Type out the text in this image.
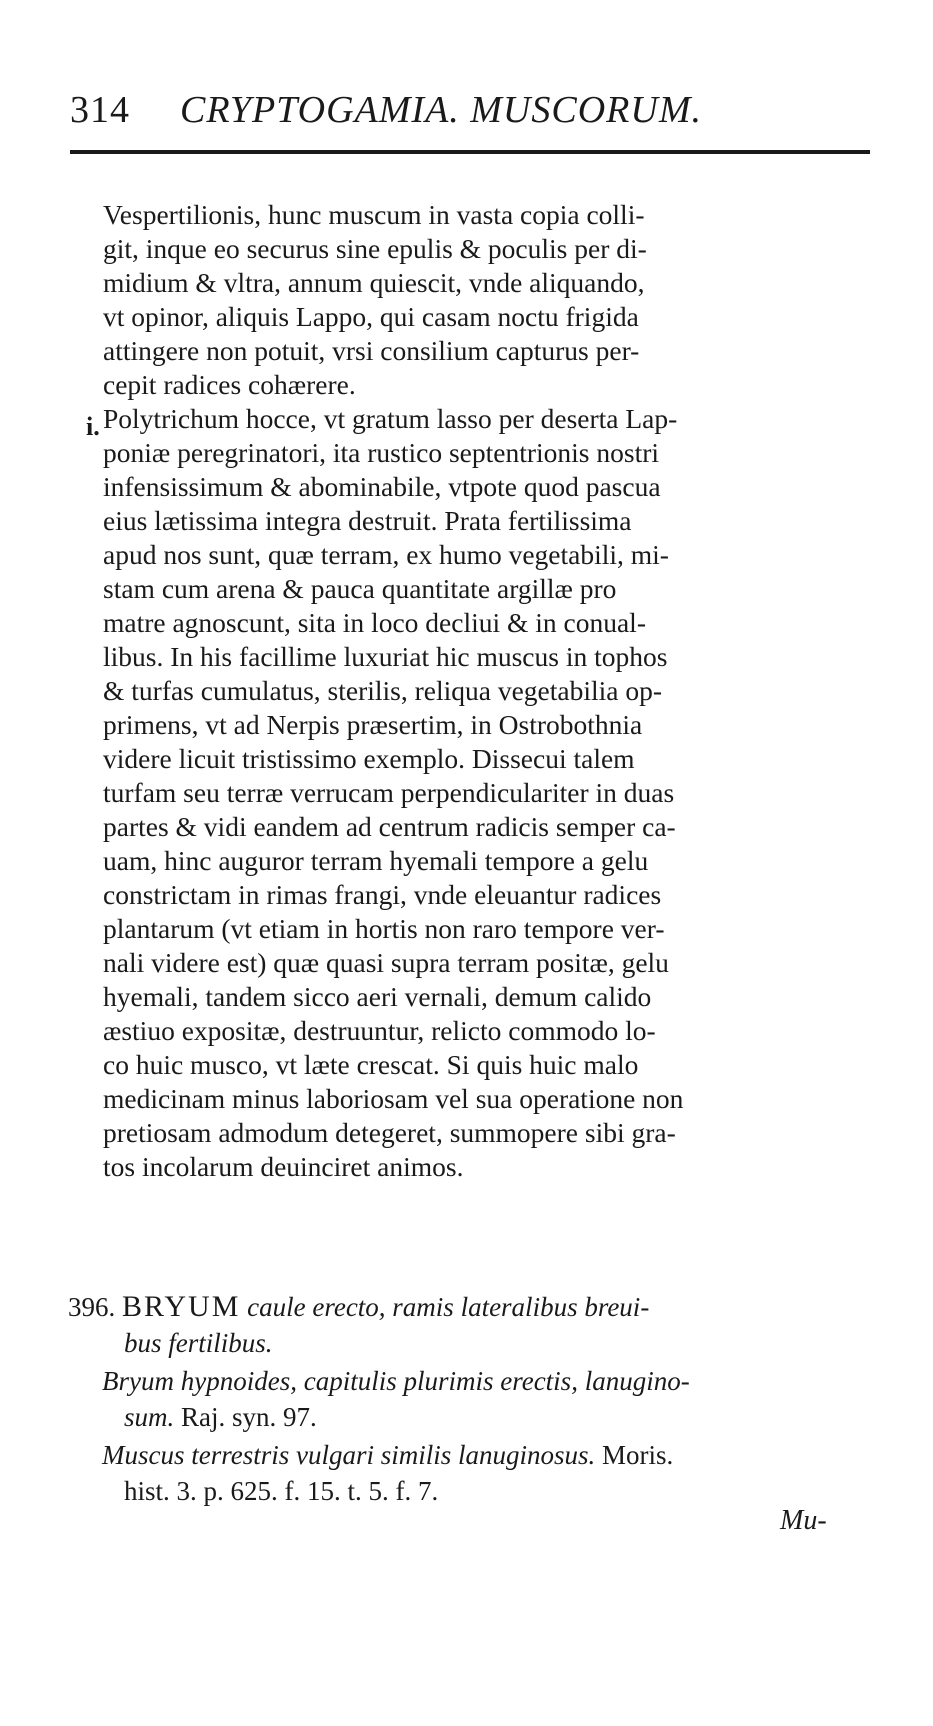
314 CRYPTOGAMIA. MUSCORUM.
i.
Vespertilionis, hunc muscum in vasta copia colli-
git, inque eo securus sine epulis & poculis per di-
midium & vltra, annum quiescit, vnde aliquando,
vt opinor, aliquis Lappo, qui casam noctu frigida
attingere non potuit, vrsi consilium capturus per-
cepit radices cohærere.
Polytrichum hocce, vt gratum lasso per deserta Lap-
poniæ peregrinatori, ita rustico septentrionis nostri
infensissimum & abominabile, vtpote quod pascua
eius lætissima integra destruit. Prata fertilissima
apud nos sunt, quæ terram, ex humo vegetabili, mi-
stam cum arena & pauca quantitate argillæ pro
matre agnoscunt, sita in loco decliui & in conual-
libus. In his facillime luxuriat hic muscus in tophos
& turfas cumulatus, sterilis, reliqua vegetabilia op-
primens, vt ad Nerpis præsertim, in Ostrobothnia
videre licuit tristissimo exemplo. Dissecui talem
turfam seu terræ verrucam perpendiculariter in duas
partes & vidi eandem ad centrum radicis semper ca-
uam, hinc auguror terram hyemali tempore a gelu
constrictam in rimas frangi, vnde eleuantur radices
plantarum (vt etiam in hortis non raro tempore ver-
nali videre est) quæ quasi supra terram positæ, gelu
hyemali, tandem sicco aeri vernali, demum calido
æstiuo expositæ, destruuntur, relicto commodo lo-
co huic musco, vt læte crescat. Si quis huic malo
medicinam minus laboriosam vel sua operatione non
pretiosam admodum detegeret, summopere sibi gra-
tos incolarum deuinciret animos.
396. BRYUM caule erecto, ramis lateralibus breui-
bus fertilibus.
Bryum hypnoides, capitulis plurimis erectis, lanugino-
sum. Raj. syn. 97.
Muscus terrestris vulgari similis lanuginosus. Moris.
hist. 3. p. 625. f. 15. t. 5. f. 7.
Mu-
